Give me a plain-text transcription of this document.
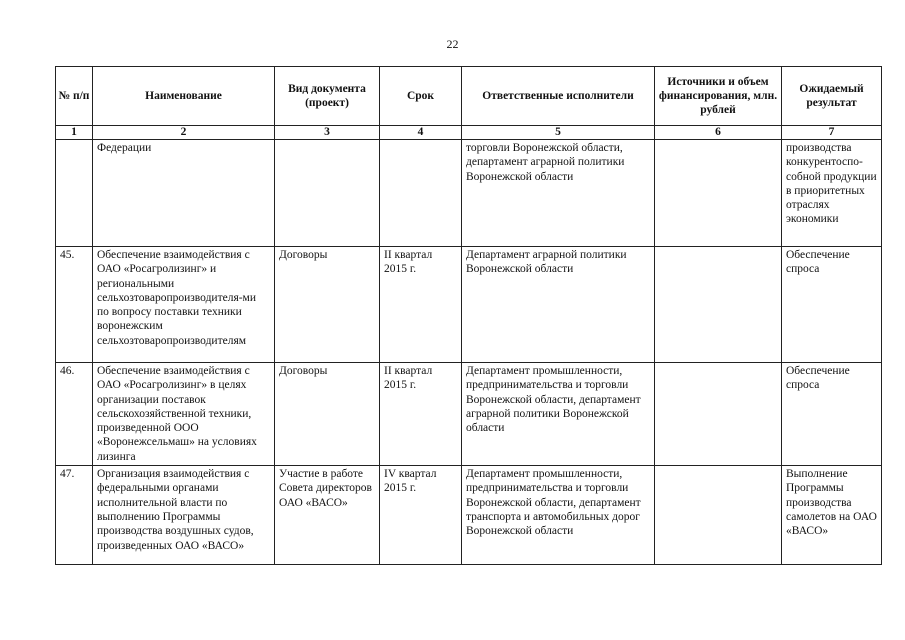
22
№ п/п	Наименование	Вид документа (проект)	Срок	Ответственные исполнители	Источники и объем финансирования, млн. рублей	Ожидаемый результат
1	2	3	4	5	6	7
	Федерации			торговли Воронежской области, департамент аграрной политики Воронежской области		производства конкурентоспо-собной продукции в приоритетных отраслях экономики
45.	Обеспечение взаимодействия с ОАО «Росагролизинг» и региональными сельхозтоваропроизводителя-ми по вопросу поставки техники воронежским сельхозтоваропроизводителям	Договоры	II квартал 2015 г.	Департамент аграрной политики Воронежской области		Обеспечение спроса
46.	Обеспечение взаимодействия с ОАО «Росагролизинг» в целях организации поставок сельскохозяйственной техники, произведенной ООО «Воронежсельмаш» на условиях лизинга	Договоры	II квартал 2015 г.	Департамент промышленности, предпринимательства и торговли Воронежской области, департамент аграрной политики Воронежской области		Обеспечение спроса
47.	Организация взаимодействия с федеральными органами исполнительной власти по выполнению Программы производства воздушных судов, произведенных ОАО «ВАСО»	Участие в работе Совета директоров ОАО «ВАСО»	IV квартал 2015 г.	Департамент промышленности, предпринимательства и торговли Воронежской области, департамент транспорта и автомобильных дорог Воронежской области		Выполнение Программы производства самолетов на ОАО «ВАСО»
